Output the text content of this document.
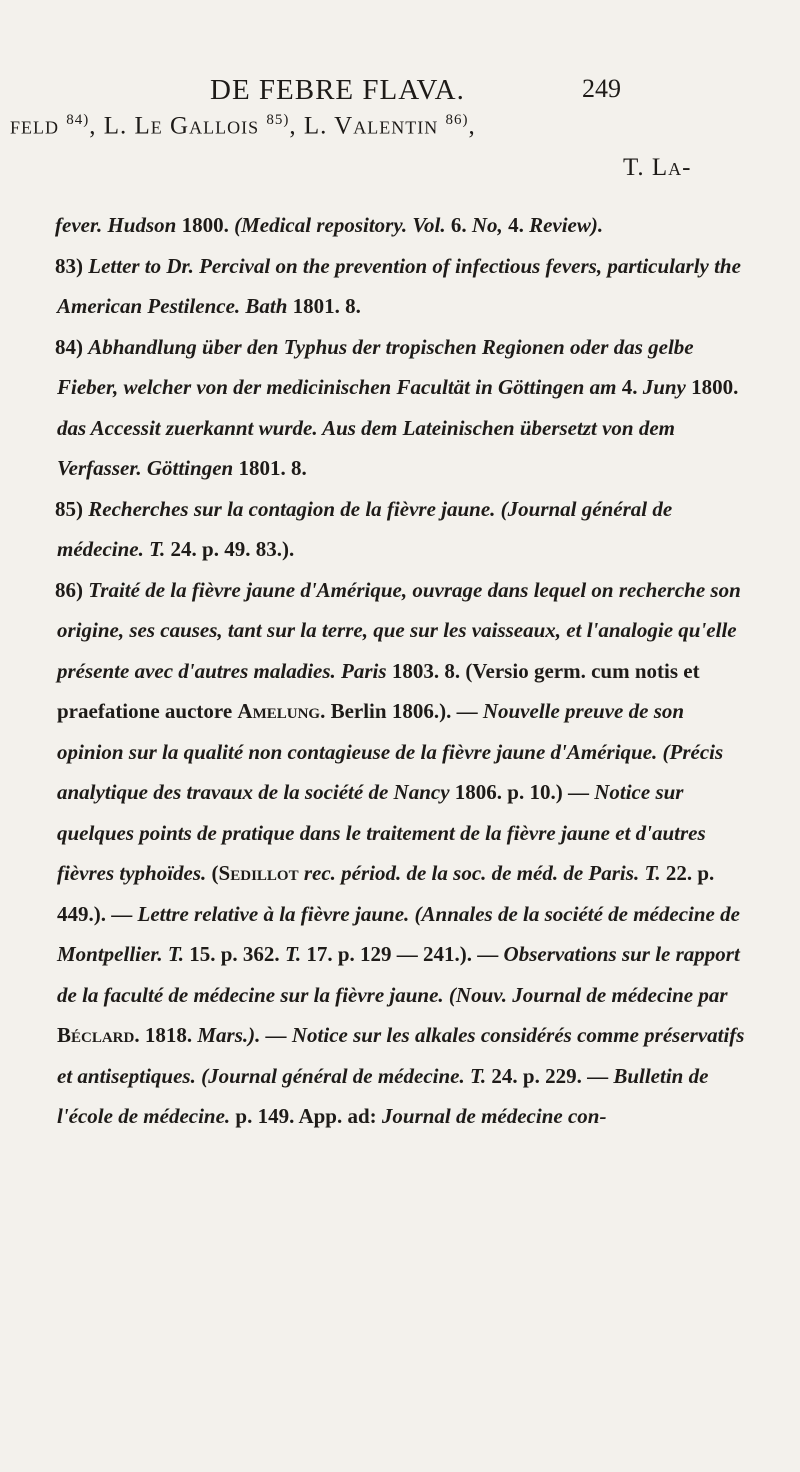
DE FEBRE FLAVA.	249
feld $^{84)}$, L. Le Gallois $^{85)}$, L. Valentin $^{86)}$,
T. La-

fever. Hudson 1800. (Medical repository. Vol. 6. No, 4. Review).

83) Letter to Dr. Percival on the prevention of infectious fevers, particularly the American Pestilence. Bath 1801. 8.

84) Abhandlung über den Typhus der tropischen Regionen oder das gelbe Fieber, welcher von der medicinischen Facultät in Göttingen am 4. Juny 1800. das Accessit zuerkannt wurde. Aus dem Lateinischen übersetzt von dem Verfasser. Göttingen 1801. 8.

85) Recherches sur la contagion de la fièvre jaune. (Journal général de médecine. T. 24. p. 49. 83.).

86) Traité de la fièvre jaune d'Amérique, ouvrage dans lequel on recherche son origine, ses causes, tant sur la terre, que sur les vaisseaux, et l'analogie qu'elle présente avec d'autres maladies. Paris 1803. 8. (Versio germ. cum notis et praefatione auctore Amelung. Berlin 1806.). — Nouvelle preuve de son opinion sur la qualité non contagieuse de la fièvre jaune d'Amérique. (Précis analytique des travaux de la société de Nancy 1806. p. 10.) — Notice sur quelques points de pratique dans le traitement de la fièvre jaune et d'autres fièvres typhoïdes. (Sedillot rec. périod. de la soc. de méd. de Paris. T. 22. p. 449.). — Lettre relative à la fièvre jaune. (Annales de la société de médecine de Montpellier. T. 15. p. 362. T. 17. p. 129 — 241.). — Observations sur le rapport de la faculté de médecine sur la fièvre jaune. (Nouv. Journal de médecine par Béclard. 1818. Mars.). — Notice sur les alkales considérés comme préservatifs et antiseptiques. (Journal général de médecine. T. 24. p. 229. — Bulletin de l'école de médecine. p. 149. App. ad: Journal de médecine con-
